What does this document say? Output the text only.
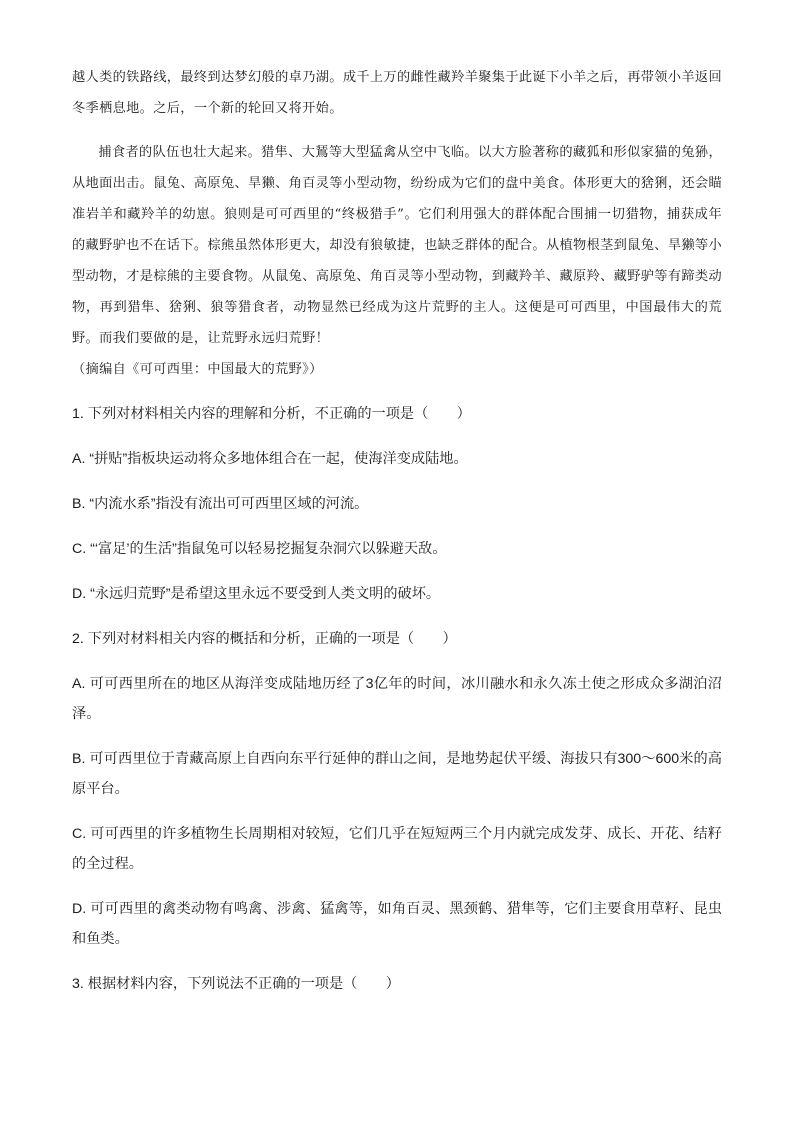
越人类的铁路线，最终到达梦幻般的卓乃湖。成千上万的雌性藏羚羊聚集于此诞下小羊之后，再带领小羊返回冬季栖息地。之后，一个新的轮回又将开始。

捕食者的队伍也壮大起来。猎隼、大鵟等大型猛禽从空中飞临。以大方脸著称的藏狐和形似家猫的兔狲，从地面出击。鼠兔、高原兔、旱獭、角百灵等小型动物，纷纷成为它们的盘中美食。体形更大的猞猁，还会瞄准岩羊和藏羚羊的幼崽。狼则是可可西里的“终极猎手”。它们利用强大的群体配合围捕一切猎物，捕获成年的藏野驴也不在话下。棕熊虽然体形更大，却没有狼敏捷，也缺乏群体的配合。从植物根茎到鼠兔、旱獭等小型动物，才是棕熊的主要食物。从鼠兔、高原兔、角百灵等小型动物，到藏羚羊、藏原羚、藏野驴等有蹄类动物，再到猎隼、猞猁、狼等猎食者，动物显然已经成为这片荒野的主人。这便是可可西里，中国最伟大的荒野。而我们要做的是，让荒野永远归荒野！

（摘编自《可可西里：中国最大的荒野》）

1. 下列对材料相关内容的理解和分析，不正确的一项是（　　）

A. “拼贴”指板块运动将众多地体组合在一起，使海洋变成陆地。

B. “内流水系”指没有流出可可西里区域的河流。

C. “‘富足’的生活”指鼠兔可以轻易挖掘复杂洞穴以躲避天敌。

D. “永远归荒野”是希望这里永远不要受到人类文明的破坏。

2. 下列对材料相关内容的概括和分析，正确的一项是（　　）

A. 可可西里所在的地区从海洋变成陆地历经了3亿年的时间，冰川融水和永久冻土使之形成众多湖泊沼泽。

B. 可可西里位于青藏高原上自西向东平行延伸的群山之间，是地势起伏平缓、海拔只有300～600米的高原平台。

C. 可可西里的许多植物生长周期相对较短，它们几乎在短短两三个月内就完成发芽、成长、开花、结籽的全过程。

D. 可可西里的禽类动物有鸣禽、涉禽、猛禽等，如角百灵、黑颈鹤、猎隼等，它们主要食用草籽、昆虫和鱼类。

3. 根据材料内容，下列说法不正确的一项是（　　）
